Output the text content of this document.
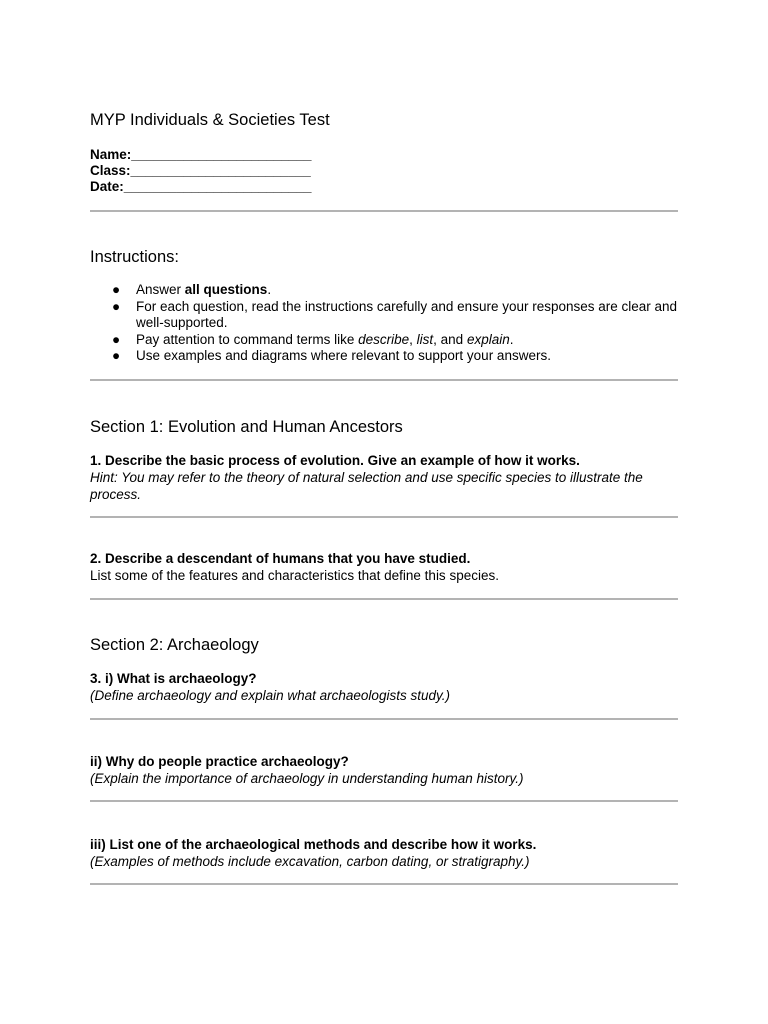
MYP Individuals & Societies Test
Name:________________________
Class:________________________
Date:_________________________
Instructions:
● Answer all questions.
● For each question, read the instructions carefully and ensure your responses are clear and well-supported.
● Pay attention to command terms like describe, list, and explain.
● Use examples and diagrams where relevant to support your answers.
Section 1: Evolution and Human Ancestors
1. Describe the basic process of evolution. Give an example of how it works.
Hint: You may refer to the theory of natural selection and use specific species to illustrate the process.
2. Describe a descendant of humans that you have studied.
List some of the features and characteristics that define this species.
Section 2: Archaeology
3. i) What is archaeology?
(Define archaeology and explain what archaeologists study.)
ii) Why do people practice archaeology?
(Explain the importance of archaeology in understanding human history.)
iii) List one of the archaeological methods and describe how it works.
(Examples of methods include excavation, carbon dating, or stratigraphy.)
